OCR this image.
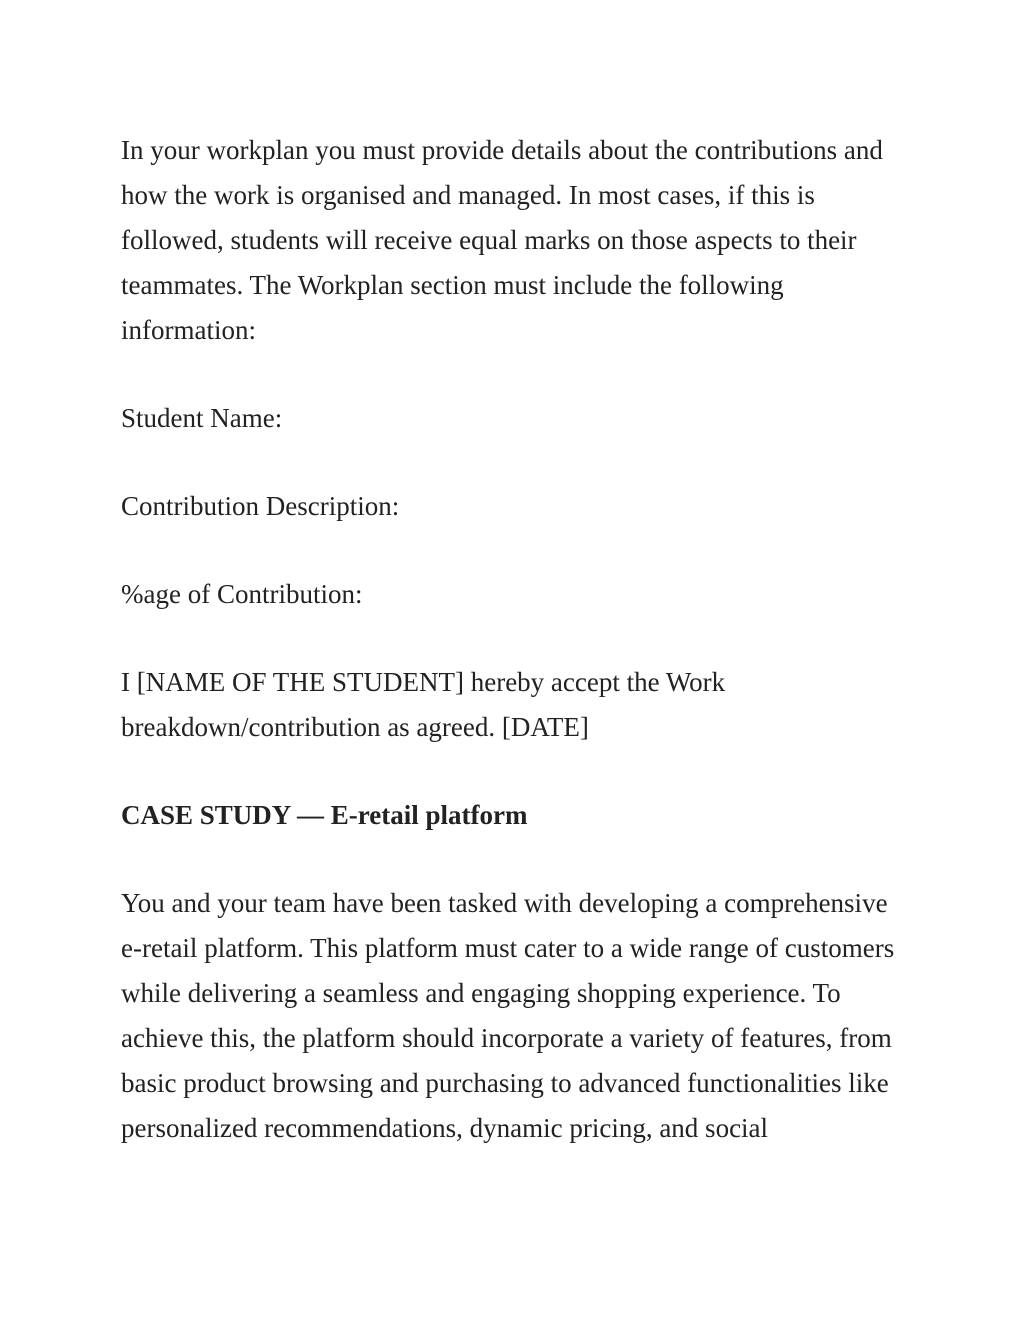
In your workplan you must provide details about the contributions and how the work is organised and managed. In most cases, if this is followed, students will receive equal marks on those aspects to their teammates. The Workplan section must include the following information:

Student Name:

Contribution Description:

%age of Contribution:

I [NAME OF THE STUDENT] hereby accept the Work breakdown/contribution as agreed. [DATE]

CASE STUDY — E-retail platform

You and your team have been tasked with developing a comprehensive e-retail platform. This platform must cater to a wide range of customers while delivering a seamless and engaging shopping experience. To achieve this, the platform should incorporate a variety of features, from basic product browsing and purchasing to advanced functionalities like personalized recommendations, dynamic pricing, and social
